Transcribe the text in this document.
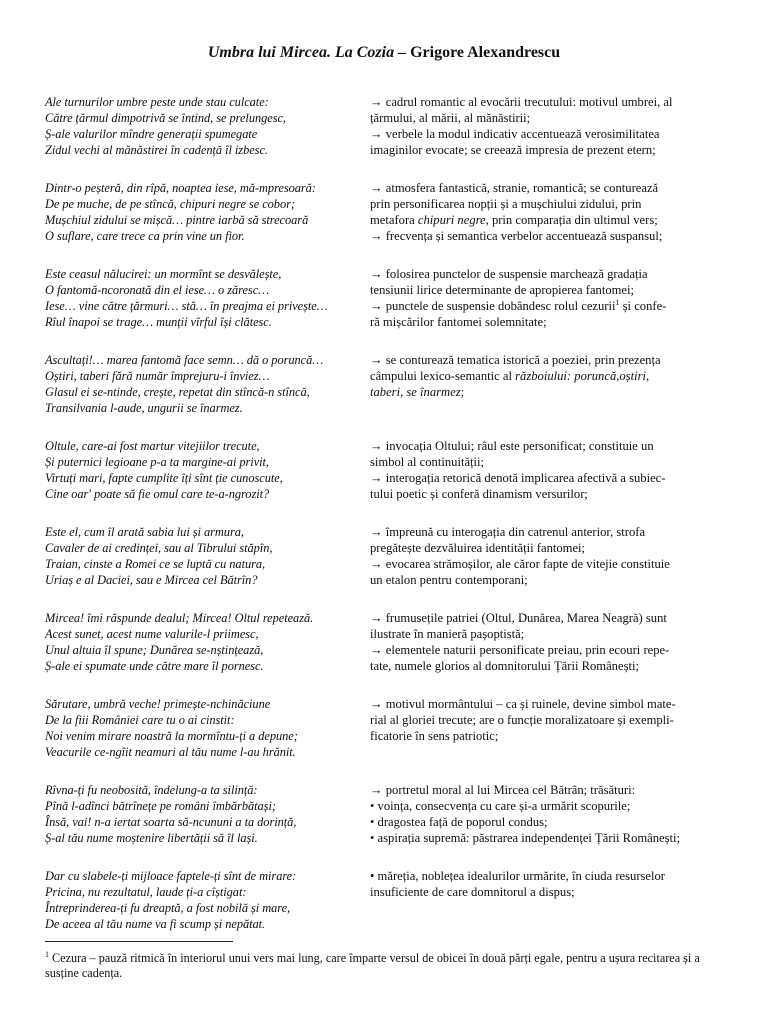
Umbra lui Mircea. La Cozia – Grigore Alexandrescu
Ale turnurilor umbre peste unde stau culcate:
Către țărmul dimpotrivă se întind, se prelungesc,
Ș-ale valurilor mîndre generații spumegate
Zidul vechi al mănăstirei în cadență îl izbesc.
→ cadrul romantic al evocării trecutului: motivul umbrei, al
țărmului, al mării, al mănăstirii;
→ verbele la modul indicativ accentuează verosimilitatea
imaginilor evocate; se creează impresia de prezent etern;
Dintr-o peșteră, din rîpă, noaptea iese, mă-mpresoară:
De pe muche, de pe stîncă, chipuri negre se cobor;
Mușchiul zidului se mișcă… pintre iarbă să strecoară
O suflare, care trece ca prin vine un fior.
→ atmosfera fantastică, stranie, romantică; se conturează
prin personificarea nopții și a mușchiului zidului, prin
metafora chipuri negre, prin comparația din ultimul vers;
→ frecvența și semantica verbelor accentuează suspansul;
Este ceasul nălucirei: un mormînt se desvălește,
O fantomă-ncoronată din el iese… o zăresc…
Iese… vine către țărmuri… stă… în preajma ei privește…
Rîul înapoi se trage… munții vîrful își clătesc.
→ folosirea punctelor de suspensie marchează gradația
tensiunii lirice determinante de apropierea fantomei;
→ punctele de suspensie dobândesc rolul cezurii$^1$ și confe-
ră mișcărilor fantomei solemnitate;
Ascultați!… marea fantomă face semn… dă o poruncă…
Oștiri, taberi fără număr împrejuru-i înviez…
Glasul ei se-ntinde, crește, repetat din stîncă-n stîncă,
Transilvania l-aude, ungurii se înarmez.
→ se conturează tematica istorică a poeziei, prin prezența
câmpului lexico-semantic al războiului: poruncă,oștiri,
taberi, se înarmez;
Oltule, care-ai fost martur vitejiilor trecute,
Și puternici legioane p-a ta margine-ai privit,
Virtuți mari, fapte cumplite îți sînt ție cunoscute,
Cine oar' poate să fie omul care te-a-ngrozit?
→ invocația Oltului; râul este personificat; constituie un
simbol al continuității;
→ interogația retorică denotă implicarea afectivă a subiec-
tului poetic și conferă dinamism versurilor;
Este el, cum îl arată sabia lui și armura,
Cavaler de ai credinței, sau al Tibrului stăpîn,
Traian, cinste a Romei ce se luptă cu natura,
Uriaș e al Daciei, sau e Mircea cel Bătrîn?
→ împreună cu interogația din catrenul anterior, strofa
pregătește dezvăluirea identității fantomei;
→ evocarea strămoșilor, ale căror fapte de vitejie constituie
un etalon pentru contemporani;
Mircea! îmi răspunde dealul; Mircea! Oltul repetează.
Acest sunet, acest nume valurile-l priimesc,
Unul altuia îl spune; Dunărea se-nștințează,
Ș-ale ei spumate unde către mare îl pornesc.
→ frumusețile patriei (Oltul, Dunărea, Marea Neagră) sunt
ilustrate în manieră pașoptistă;
→ elementele naturii personificate preiau, prin ecouri repe-
tate, numele glorios al domnitorului Țării Românești;
Sărutare, umbră veche! primește-nchinăciune
De la fiii României care tu o ai cinstit:
Noi venim mirare noastră la mormîntu-ți a depune;
Veacurile ce-ngîit neamuri al tău nume l-au hrănit.
→ motivul mormântului – ca și ruinele, devine simbol mate-
rial al gloriei trecute; are o funcție moralizatoare și exempli-
ficatorie în sens patriotic;
Rîvna-ți fu neobosită, îndelung-a ta silință:
Pînă l-adînci bătrînețe pe români îmbărbătași;
Însă, vai! n-a iertat soarta să-ncununi a ta dorință,
Ș-al tău nume moștenire libertății să îl lași.
→ portretul moral al lui Mircea cel Bătrân; trăsături:
• voința, consecvența cu care și-a urmărit scopurile;
• dragostea față de poporul condus;
• aspirația supremă: păstrarea independenței Țării Românești;
Dar cu slabele-ți mijloace faptele-ți sînt de mirare:
Pricina, nu rezultatul, laude ți-a cîștigat:
Întreprinderea-ți fu dreaptă, a fost nobilă și mare,
De aceea al tău nume va fi scump și nepătat.
• măreția, noblețea idealurilor urmărite, în ciuda resurselor
insuficiente de care domnitorul a dispus;
$^1$ Cezura – pauză ritmică în interiorul unui vers mai lung, care împarte versul de obicei în două părți egale, pentru a ușura recitarea și a susține cadența.
